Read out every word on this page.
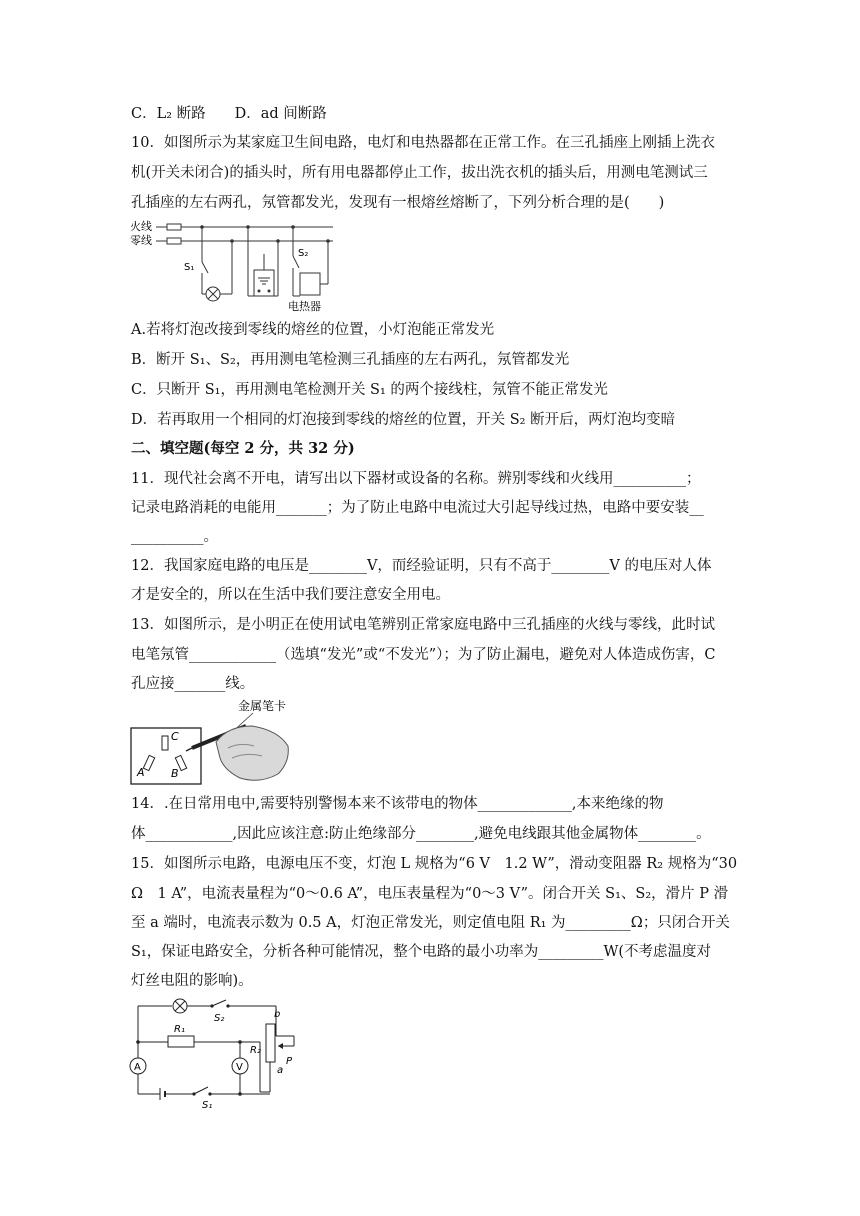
C．L₂ 断路　　D．ad 间断路
10．如图所示为某家庭卫生间电路，电灯和电热器都在正常工作。在三孔插座上刚插上洗衣
机(开关未闭合)的插头时，所有用电器都停止工作，拔出洗衣机的插头后，用测电笔测试三
孔插座的左右两孔，氖管都发光，发现有一根熔丝熔断了，下列分析合理的是(　　)
火线
零线
S₁
S₂
电热器
A.若将灯泡改接到零线的熔丝的位置，小灯泡能正常发光
B．断开 S₁、S₂，再用测电笔检测三孔插座的左右两孔，氖管都发光
C．只断开 S₁，再用测电笔检测开关 S₁ 的两个接线柱，氖管不能正常发光
D．若再取用一个相同的灯泡接到零线的熔丝的位置，开关 S₂ 断开后，两灯泡均变暗
二、填空题(每空 2 分，共 32 分)
11．现代社会离不开电，请写出以下器材或设备的名称。辨别零线和火线用__________；
记录电路消耗的电能用_______；为了防止电路中电流过大引起导线过热，电路中要安装__
__________。
12．我国家庭电路的电压是________V，而经验证明，只有不高于________V 的电压对人体
才是安全的，所以在生活中我们要注意安全用电。
13．如图所示，是小明正在使用试电笔辨别正常家庭电路中三孔插座的火线与零线，此时试
电笔氖管____________（选填“发光”或“不发光”）；为了防止漏电，避免对人体造成伤害，C
孔应接_______线。
金属笔卡
C
A B
14．.在日常用电中,需要特别警惕本来不该带电的物体_____________,本来绝缘的物
体____________,因此应该注意:防止绝缘部分________,避免电线跟其他金属物体________。
15．如图所示电路，电源电压不变，灯泡 L 规格为“6 V　1.2 W”，滑动变阻器 R₂ 规格为“30
Ω　1 A”，电流表量程为“0～0.6 A”，电压表量程为“0～3 V”。闭合开关 S₁、S₂，滑片 P 滑
至 a 端时，电流表示数为 0.5 A，灯泡正常发光，则定值电阻 R₁ 为_________Ω；只闭合开关
S₁，保证电路安全，分析各种可能情况，整个电路的最小功率为_________W(不考虑温度对
灯丝电阻的影响)。
S₂
R₁
A	V
R₂
b
a
P
S₁
